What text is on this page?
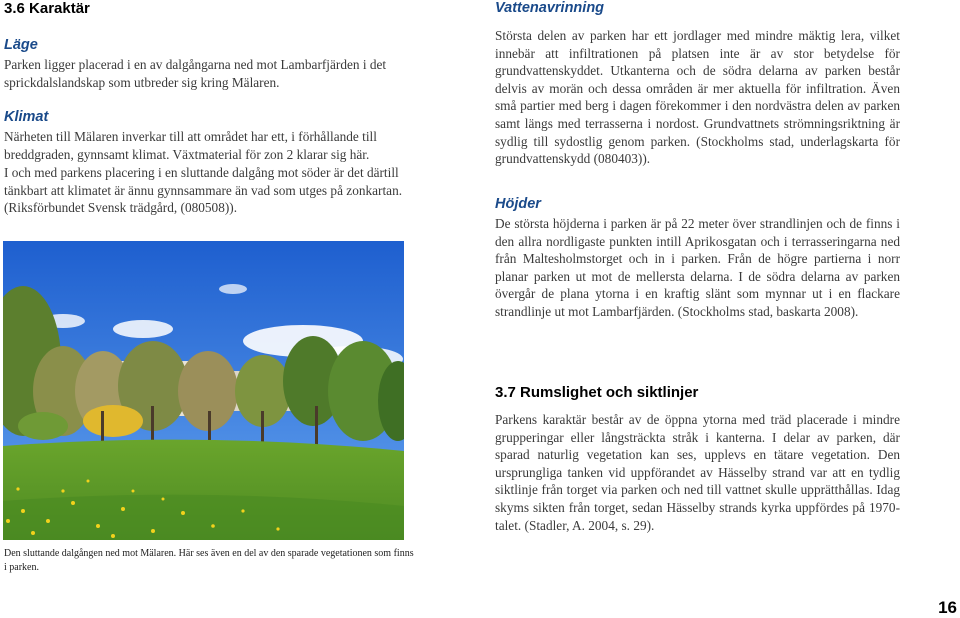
3.6 Karaktär
Läge

Parken ligger placerad i en av dalgångarna ned mot Lambarfjärden i det sprickdalslandskap som utbreder sig kring Mälaren.

Klimat

Närheten till Mälaren inverkar till att området har ett, i förhållande till breddgraden, gynnsamt klimat. Växtmaterial för zon 2 klarar sig här.

I och med parkens placering i en sluttande dalgång mot söder är det därtill tänkbart att klimatet är ännu gynnsammare än vad som utges på zonkartan. (Riksförbundet Svensk trädgård, (080508)).

Den sluttande dalgången ned mot Mälaren. Här ses även en del av den sparade vegetationen som finns i parken.

Vattenavrinning

Största delen av parken har ett jordlager med mindre mäktig lera, vilket innebär att infiltrationen på platsen inte är av stor betydelse för grundvattenskyddet. Utkanterna och de södra delarna av parken består delvis av morän och dessa områden är mer aktuella för infiltration. Även små partier med berg i dagen förekommer i den nordvästra delen av parken samt längs med terrasserna i nordost. Grundvattnets strömningsriktning är sydlig till sydostlig genom parken. (Stockholms stad, underlagskarta för grundvattenskydd (080403)).

Höjder

De största höjderna i parken är på 22 meter över strandlinjen och de finns i den allra nordligaste punkten intill Aprikosgatan och i terrasseringarna ned från Maltesholmstorget och in i parken. Från de högre partierna i norr planar parken ut mot de mellersta delarna. I de södra delarna av parken övergår de plana ytorna i en kraftig slänt som mynnar ut i en flackare strandlinje ut mot Lambarfjärden. (Stockholms stad, baskarta 2008).

3.7 Rumslighet och siktlinjer

Parkens karaktär består av de öppna ytorna med träd placerade i mindre grupperingar eller långsträckta stråk i kanterna. I delar av parken, där sparad naturlig vegetation kan ses, upplevs en tätare vegetation. Den ursprungliga tanken vid uppförandet av Hässelby strand var att en tydlig siktlinje från torget via parken och ned till vattnet skulle upprätthållas. Idag skyms sikten från torget, sedan Hässelby strands kyrka uppfördes på 1970-talet. (Stadler, A. 2004, s. 29).

16
